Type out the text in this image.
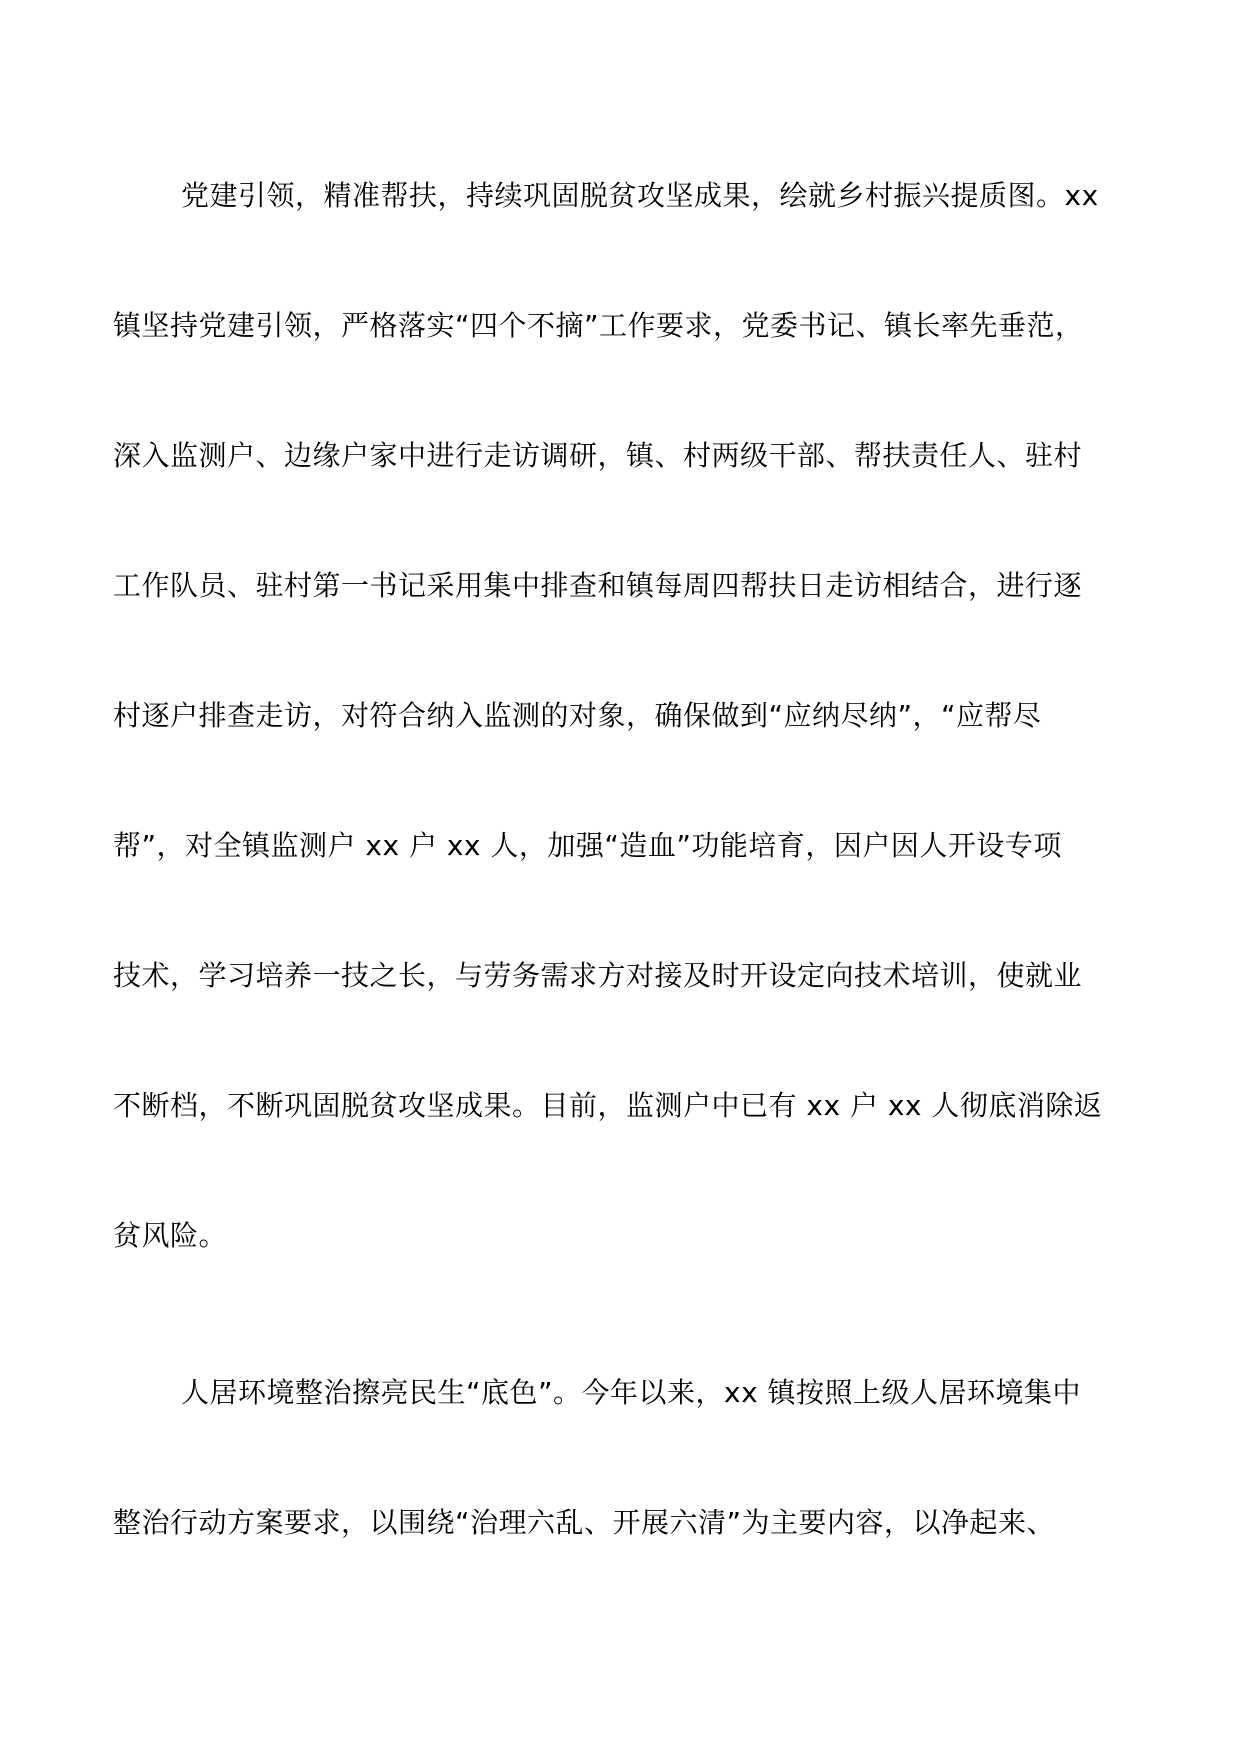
党建引领，精准帮扶，持续巩固脱贫攻坚成果，绘就乡村振兴提质图。xx
镇坚持党建引领，严格落实“四个不摘”工作要求，党委书记、镇长率先垂范，
深入监测户、边缘户家中进行走访调研，镇、村两级干部、帮扶责任人、驻村
工作队员、驻村第一书记采用集中排查和镇每周四帮扶日走访相结合，进行逐
村逐户排查走访，对符合纳入监测的对象，确保做到“应纳尽纳”，“应帮尽
帮”，对全镇监测户 xx 户 xx 人，加强“造血”功能培育，因户因人开设专项
技术，学习培养一技之长，与劳务需求方对接及时开设定向技术培训，使就业
不断档，不断巩固脱贫攻坚成果。目前，监测户中已有 xx 户 xx 人彻底消除返
贫风险。
人居环境整治擦亮民生“底色”。今年以来，xx 镇按照上级人居环境集中
整治行动方案要求，以围绕“治理六乱、开展六清”为主要内容，以净起来、
